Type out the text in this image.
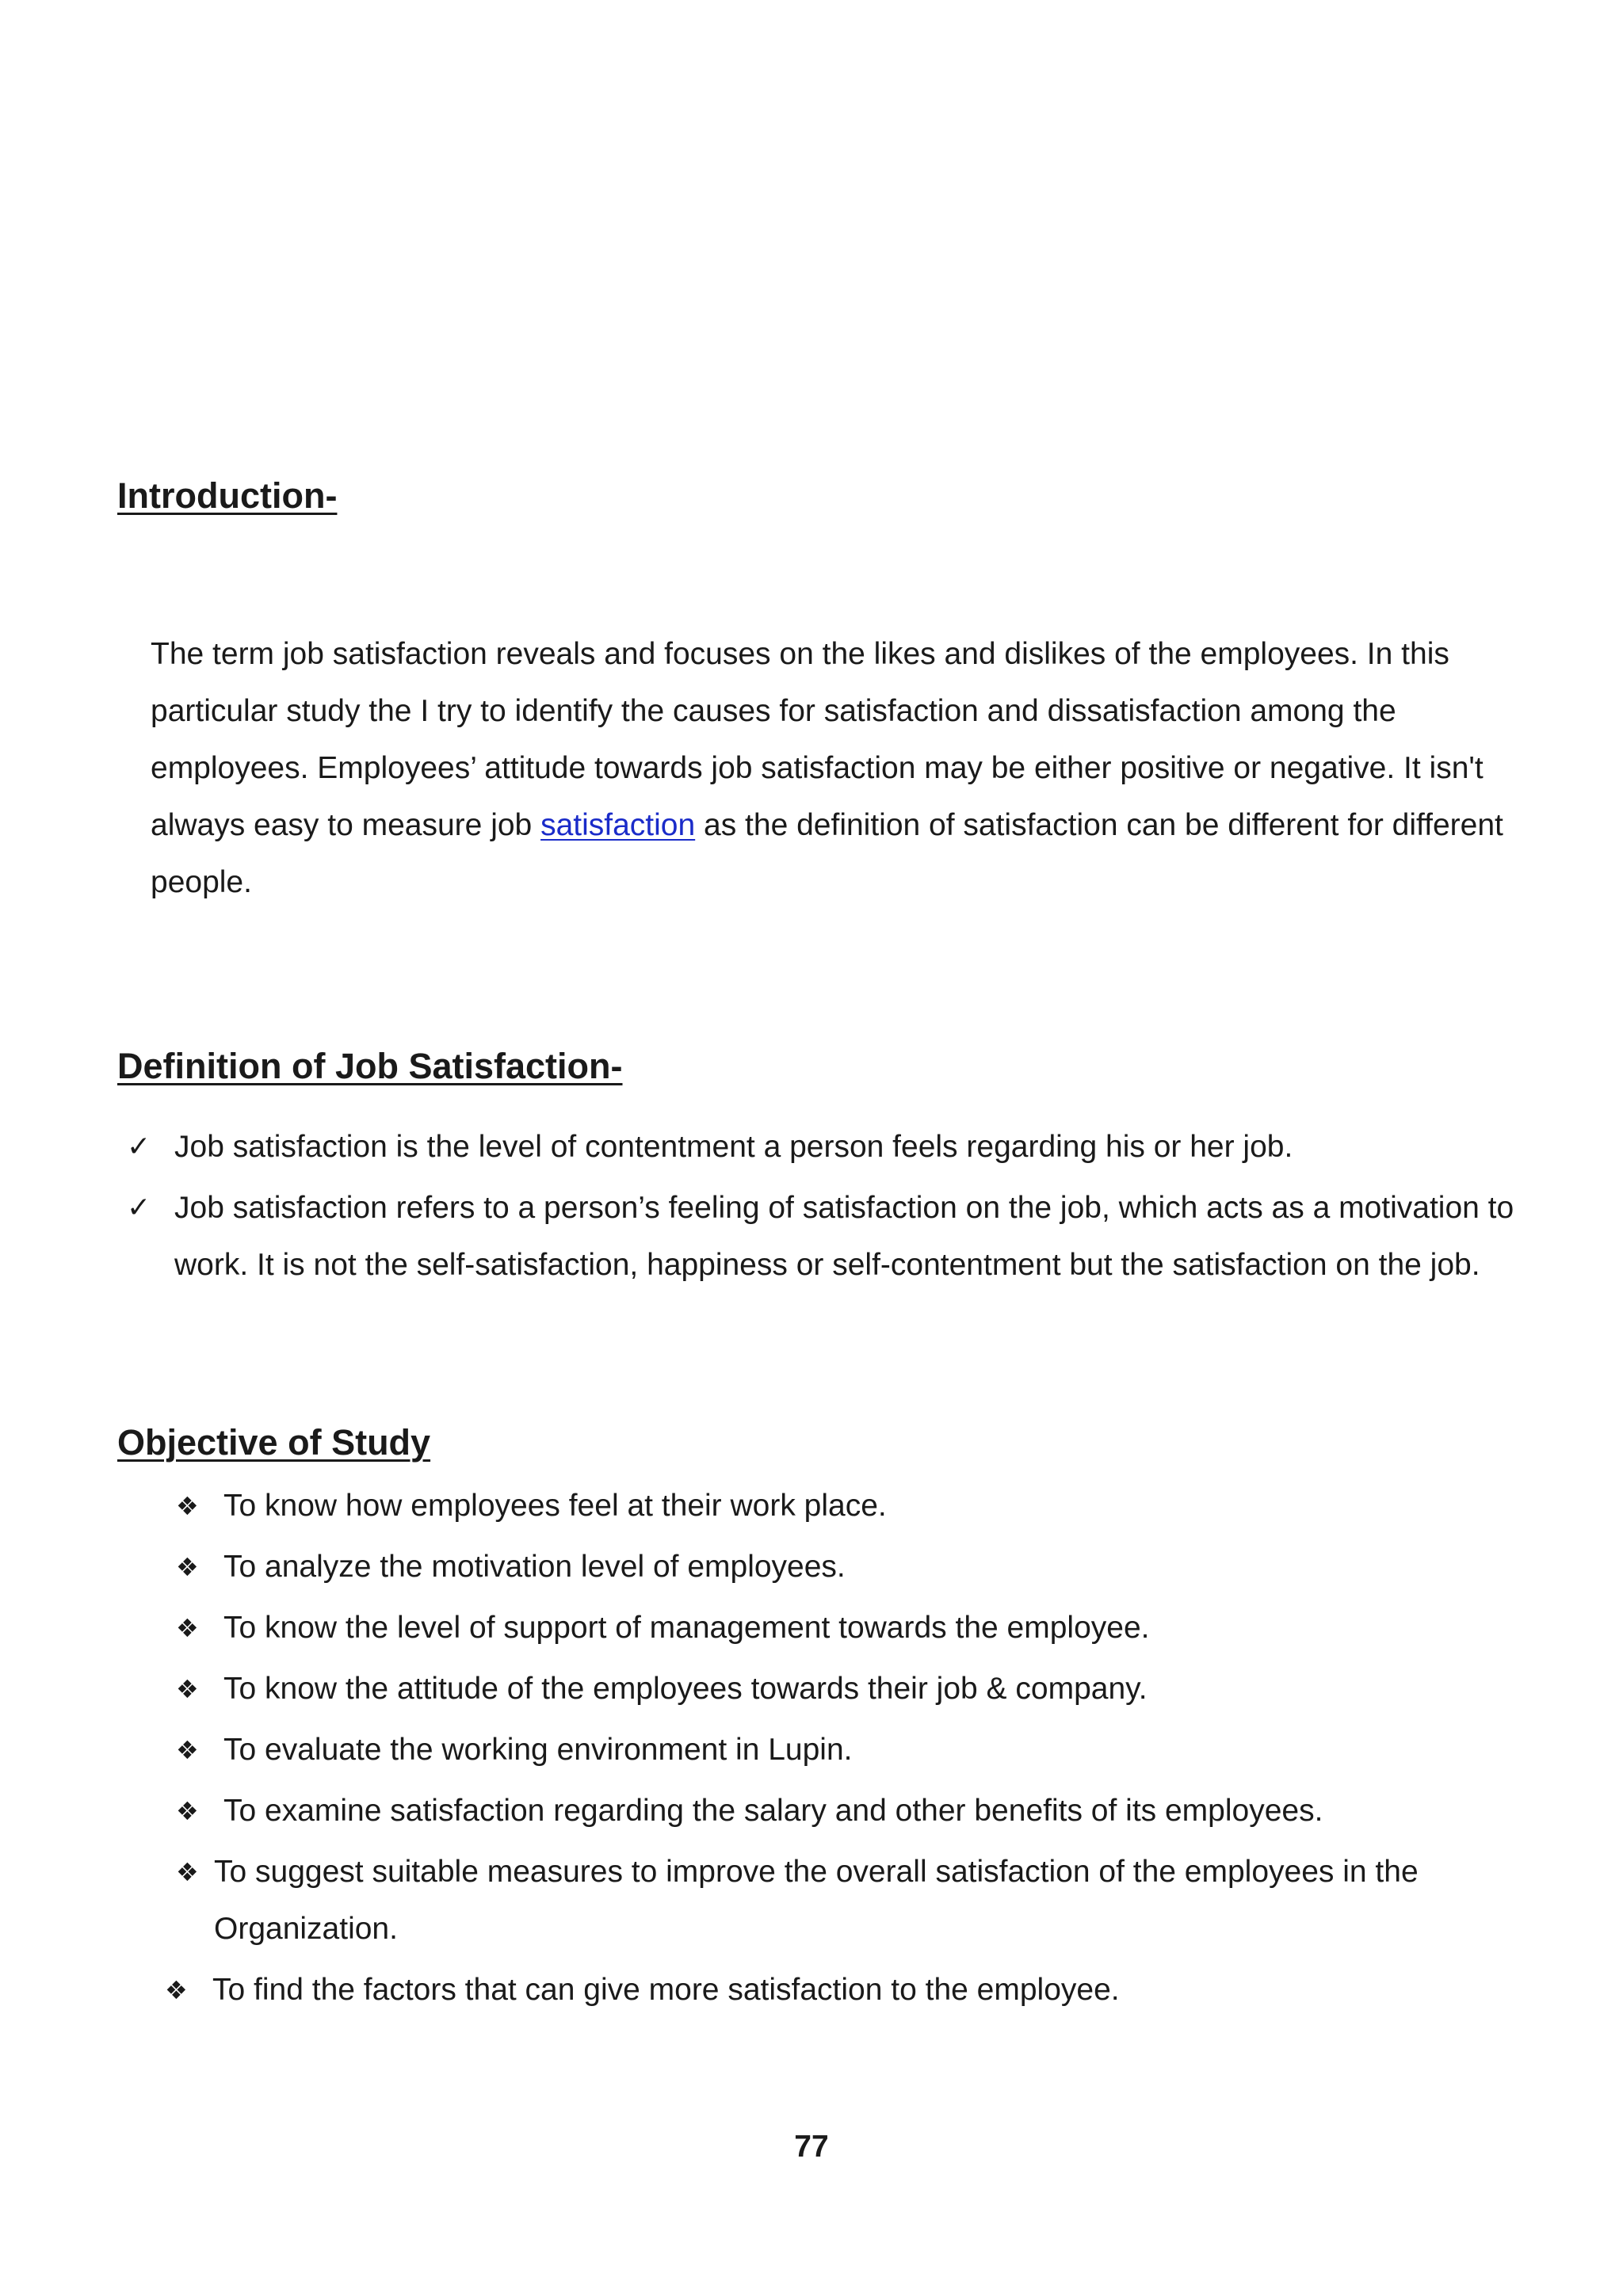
Introduction-

The term job satisfaction reveals and focuses on the likes and dislikes of the employees. In this particular study the I try to identify the causes for satisfaction and dissatisfaction among the employees. Employees’ attitude towards job satisfaction may be either positive or negative. It isn't always easy to measure job satisfaction as the definition of satisfaction can be different for different people.

Definition of Job Satisfaction-
✓ Job satisfaction is the level of contentment a person feels regarding his or her job.
✓ Job satisfaction refers to a person’s feeling of satisfaction on the job, which acts as a motivation to work. It is not the self-satisfaction, happiness or self-contentment but the satisfaction on the job.
Objective of Study
❖ To know how employees feel at their work place.
❖ To analyze the motivation level of employees.
❖ To know the level of support of management towards the employee.
❖ To know the attitude of the employees towards their job & company.
❖ To evaluate the working environment in Lupin.
❖ To examine satisfaction regarding the salary and other benefits of its employees.
❖ To suggest suitable measures to improve the overall satisfaction of the employees in the Organization.
❖ To find the factors that can give more satisfaction to the employee.

77
